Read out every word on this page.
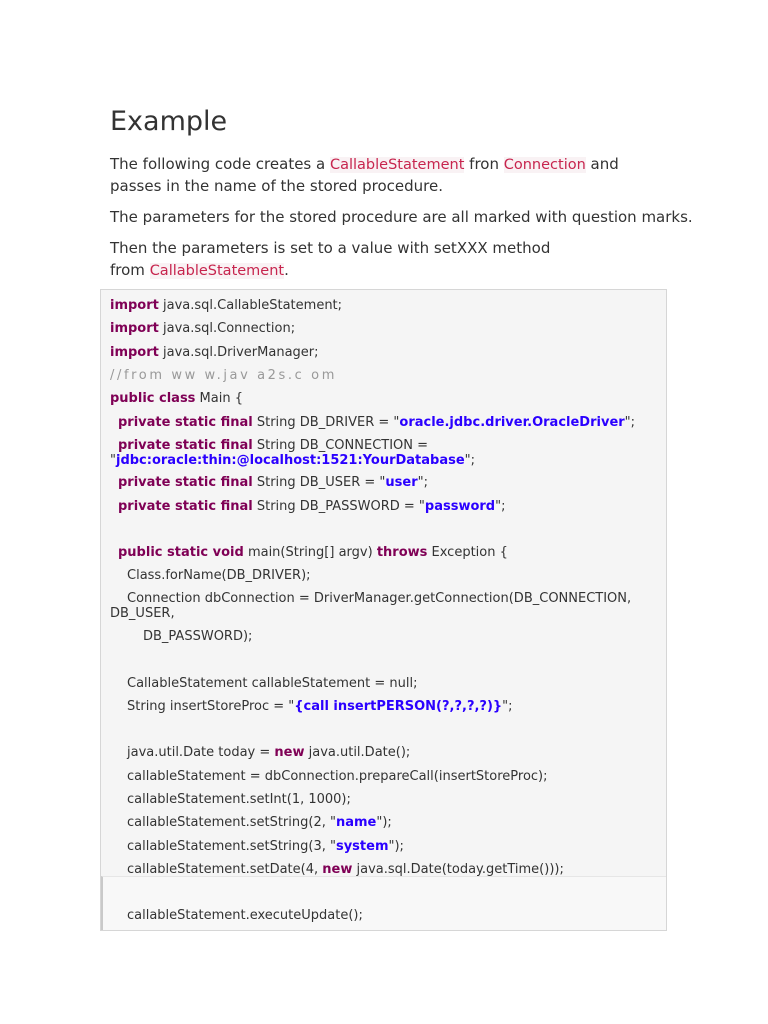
Example

The following code creates a CallableStatement fron Connection and

passes in the name of the stored procedure.

The parameters for the stored procedure are all marked with question marks.

Then the parameters is set to a value with setXXX method

from CallableStatement.

import java.sql.CallableStatement;
import java.sql.Connection;
import java.sql.DriverManager;
//from ww w.jav a2s.c om
public class Main {
private static final String DB_DRIVER = "oracle.jdbc.driver.OracleDriver";
private static final String DB_CONNECTION =
"jdbc:oracle:thin:@localhost:1521:YourDatabase";
private static final String DB_USER = "user";
private static final String DB_PASSWORD = "password";
public static void main(String[] argv) throws Exception {
Class.forName(DB_DRIVER);
Connection dbConnection = DriverManager.getConnection(DB_CONNECTION,
DB_USER,
DB_PASSWORD);
CallableStatement callableStatement = null;
String insertStoreProc = "{call insertPERSON(?,?,?,?)}";
java.util.Date today = new java.util.Date();
callableStatement = dbConnection.prepareCall(insertStoreProc);
callableStatement.setInt(1, 1000);
callableStatement.setString(2, "name");
callableStatement.setString(3, "system");
callableStatement.setDate(4, new java.sql.Date(today.getTime()));
callableStatement.executeUpdate();
